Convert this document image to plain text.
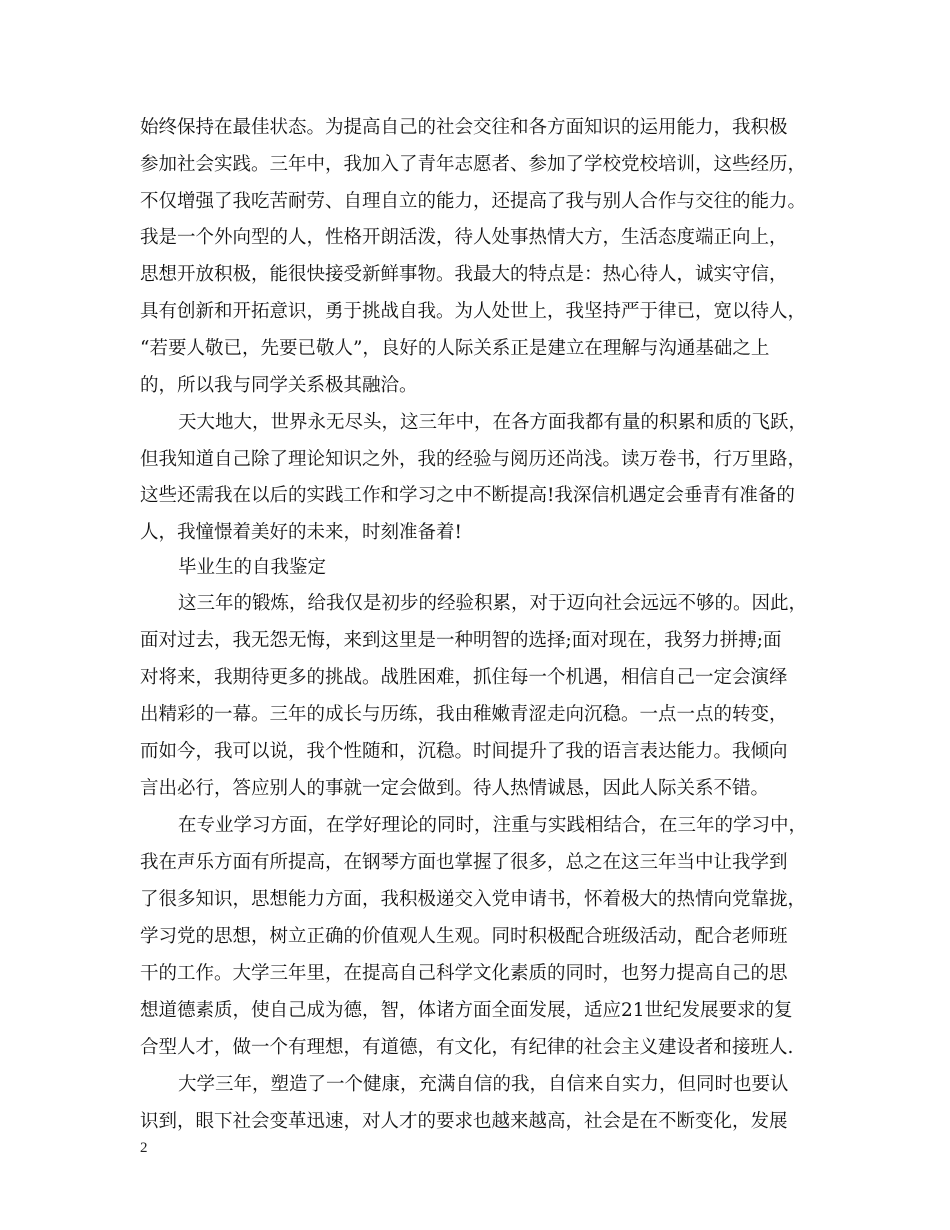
始终保持在最佳状态。为提高自己的社会交往和各方面知识的运用能力，我积极
参加社会实践。三年中，我加入了青年志愿者、参加了学校党校培训，这些经历，
不仅增强了我吃苦耐劳、自理自立的能力，还提高了我与别人合作与交往的能力。
我是一个外向型的人，性格开朗活泼，待人处事热情大方，生活态度端正向上，
思想开放积极，能很快接受新鲜事物。我最大的特点是：热心待人，诚实守信，
具有创新和开拓意识，勇于挑战自我。为人处世上，我坚持严于律已，宽以待人，
“若要人敬已，先要已敬人”，良好的人际关系正是建立在理解与沟通基础之上
的，所以我与同学关系极其融洽。
天大地大，世界永无尽头，这三年中，在各方面我都有量的积累和质的飞跃，
但我知道自己除了理论知识之外，我的经验与阅历还尚浅。读万卷书，行万里路，
这些还需我在以后的实践工作和学习之中不断提高!我深信机遇定会垂青有准备的
人，我憧憬着美好的未来，时刻准备着!
毕业生的自我鉴定
这三年的锻炼，给我仅是初步的经验积累，对于迈向社会远远不够的。因此，
面对过去，我无怨无悔，来到这里是一种明智的选择;面对现在，我努力拼搏;面
对将来，我期待更多的挑战。战胜困难，抓住每一个机遇，相信自己一定会演绎
出精彩的一幕。三年的成长与历练，我由稚嫩青涩走向沉稳。一点一点的转变，
而如今，我可以说，我个性随和，沉稳。时间提升了我的语言表达能力。我倾向
言出必行，答应别人的事就一定会做到。待人热情诚恳，因此人际关系不错。
在专业学习方面，在学好理论的同时，注重与实践相结合，在三年的学习中，
我在声乐方面有所提高，在钢琴方面也掌握了很多，总之在这三年当中让我学到
了很多知识，思想能力方面，我积极递交入党申请书，怀着极大的热情向党靠拢，
学习党的思想，树立正确的价值观人生观。同时积极配合班级活动，配合老师班
干的工作。大学三年里，在提高自己科学文化素质的同时，也努力提高自己的思
想道德素质，使自己成为德，智，体诸方面全面发展，适应21世纪发展要求的复
合型人才，做一个有理想，有道德，有文化，有纪律的社会主义建设者和接班人.
大学三年，塑造了一个健康，充满自信的我，自信来自实力，但同时也要认
识到，眼下社会变革迅速，对人才的要求也越来越高，社会是在不断变化，发展
2
